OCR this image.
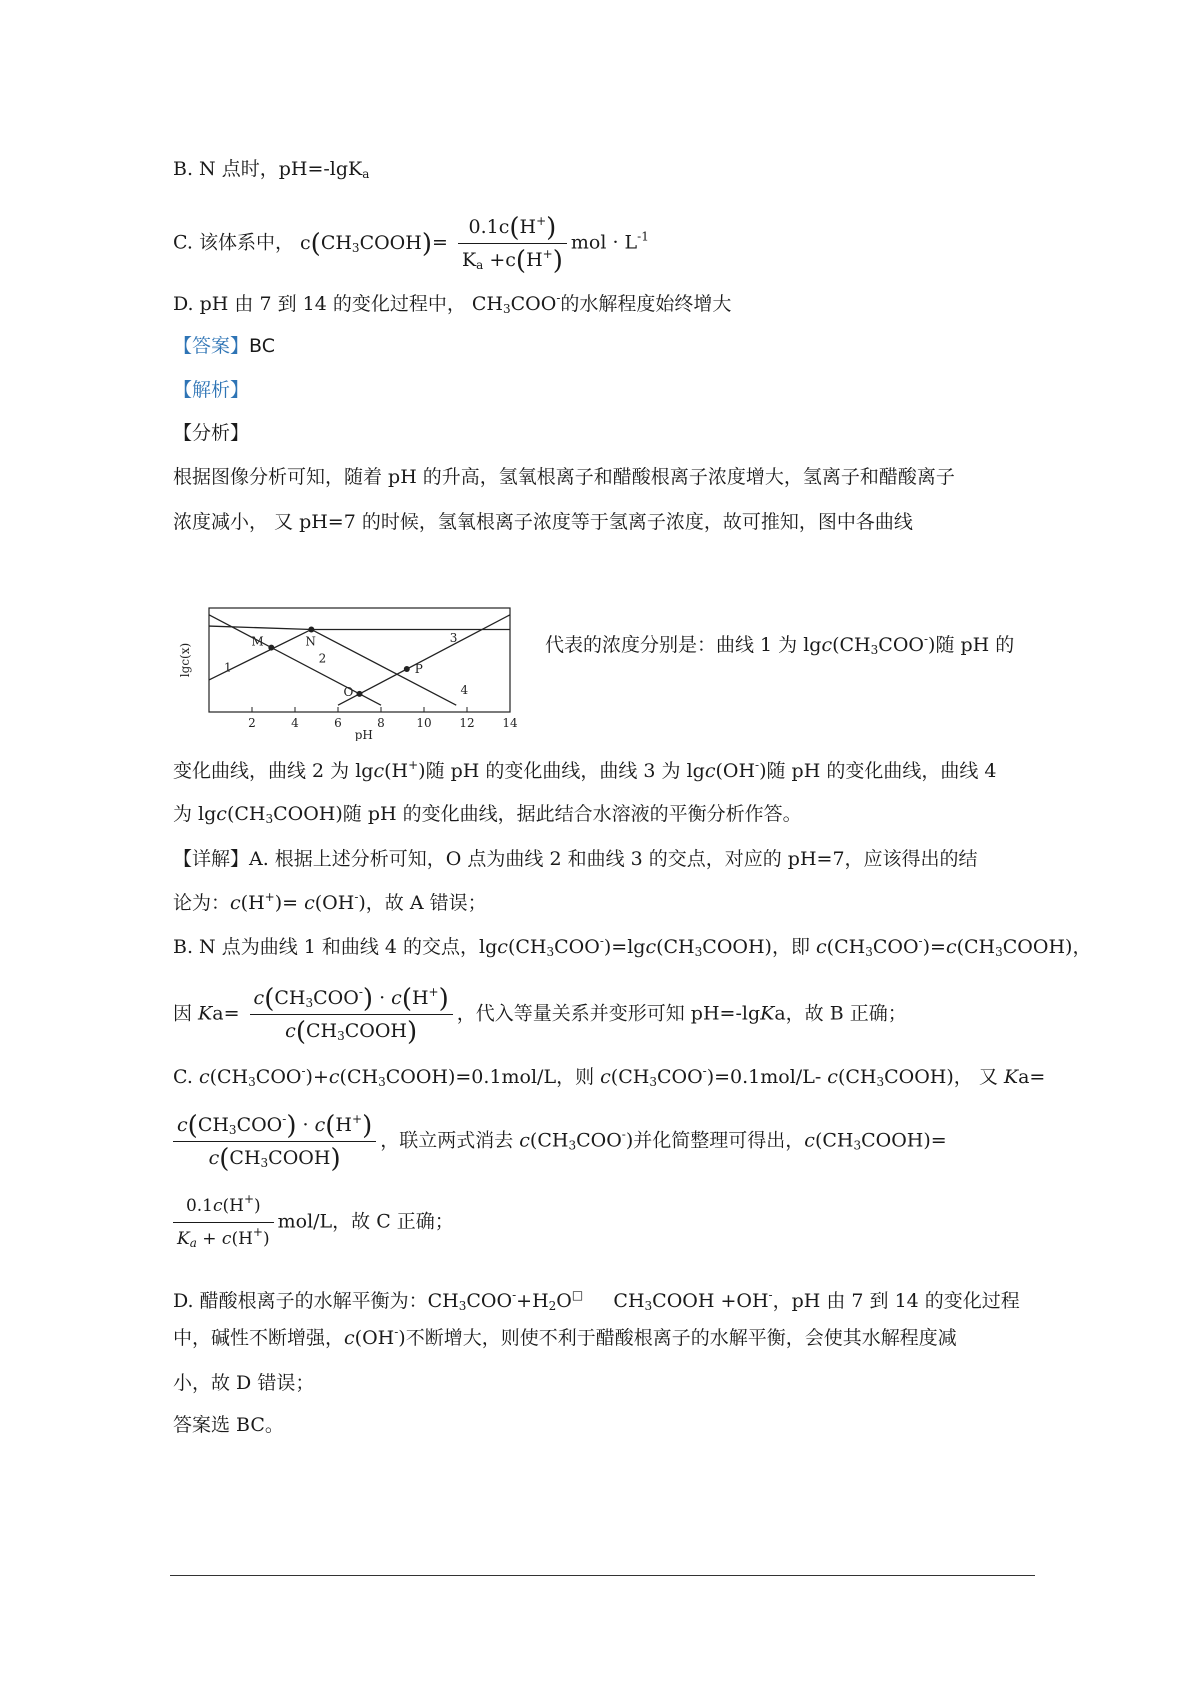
B. N 点时，pH=-lgK$_a$
C. 该体系中， $c(CH_3COOH)= \frac{0.1c(H^+)}{K_a +c(H^+)}$ mol · $L^{-1}$
D. pH 由 7 到 14 的变化过程中， $CH_3COO^-$的水解程度始终增大
【答案】BC
【解析】
【分析】
根据图像分析可知，随着 pH 的升高，氢氧根离子和醋酸根离子浓度增大，氢离子和醋酸离子
浓度减小， 又 pH=7 的时候，氢氧根离子浓度等于氢离子浓度，故可推知，图中各曲线
2	4	6	8	10 12 14
pH
lgc(x)	1
2
3
4
M	N
O
P
代表的浓度分别是：曲线 1 为 $\lg c(CH_3COO^-)$随 pH 的
变化曲线，曲线 2 为 lgc(H+)随 pH 的变化曲线，曲线 3 为 lgc(OH-)随 pH 的变化曲线，曲线 4
为 $\lg c(CH_3COOH)$随 pH 的变化曲线，据此结合水溶液的平衡分析作答。
【详解】A. 根据上述分析可知，O 点为曲线 2 和曲线 3 的交点，对应的 pH=7，应该得出的结
论为：c(H+)= c(OH-)，故 A 错误；
B. N 点为曲线 1 和曲线 4 的交点，$\lg c(CH_3COO^-)=\lg c(CH_3COOH)$，即 $c(CH_3COO^-)=c(CH_3COOH)$，
因 $Ka= \frac{c(CH_3COO^-) \cdot c(H^+)}{c(CH_3COOH)}$ ，代入等量关系并变形可知 pH=-lgKa，故 B 正确；
C. $c(CH_3COO^-)+c(CH_3COOH)=0.1mol/L$，则 $c(CH_3COO^-)=0.1mol/L-$ $c(CH_3COOH)$， 又 Ka=
$\frac{c(CH_3COO^-) \cdot c(H^+)}{c(CH_3COOH)}$ ，联立两式消去 $c(CH_3COO^-)$并化简整理可得出，$c(CH_3COOH)=$
$\frac{0.1c(H^+)}{K_a + c(H^+)} mol/L$，故 C 正确；
D. 醋酸根离子的水解平衡为：$CH_3COO^-+H_2O^□$     $CH_3COOH +OH^-$，pH 由 7 到 14 的变化过程
中，碱性不断增强，c(OH-)不断增大，则使不利于醋酸根离子的水解平衡，会使其水解程度减
小，故 D 错误；
答案选 BC。
